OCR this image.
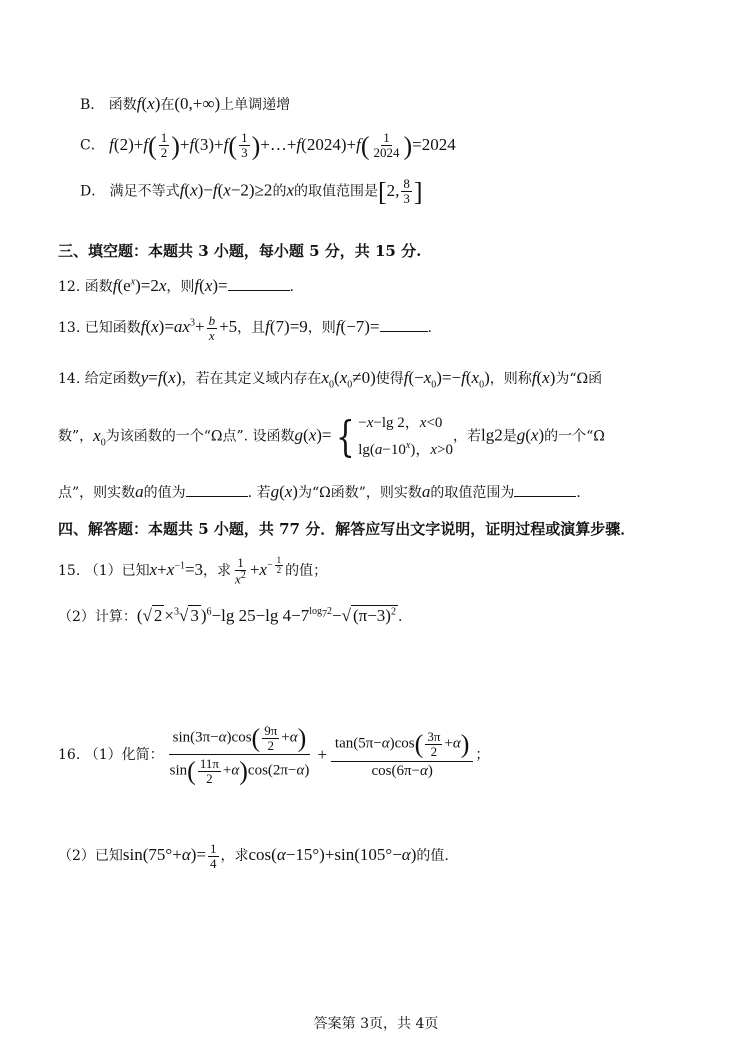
B． 函数f(x)在(0,+∞)上单调递增
C． $f(2)+f( \frac{1}{2} )+f(3)+f( \frac{1}{3}$ )+…+f(2024)+f( $\frac{1}{2024} )=2024$
D． 满足不等式f(x)−f(x−2)≥2的x的取值范围是[2, $\frac{8}{3}$ ]
三、填空题：本题共 3 小题，每小题 5 分，共 15 分.
12. 函数$f(e^x)=2x$，则f(x)=	.
13. 已知函数$f(x)=ax^3+ \frac{b}{x} +5$，且f(7)=9，则f(−7)=	.
14. 给定函数y=f(x)，若在其定义域内存在$x_0(x_0\ne 0)$使得$f(-x_0)=-f(x_0)$，则称f(x)为“Ω函
数”，$x_0$为该函数的一个“Ω点”. 设函数g(x)= { −x−lg 2，x<0
$\lg(a-10^x)$，x>0
，若lg2是g(x)的一个“Ω
点”，则实数a的值为	. 若g(x)为“Ω函数”，则实数a的取值范围为	.
四、解答题：本题共 5 小题，共 77 分．解答应写出文字说明，证明过程或演算步骤．
15. （1）已知$x+x^{-1}=3$，求 $\frac{1}{x^2} +x^{- \frac{1}{2}}$ 的值；
（2）计算：(√ 2 ×$^3$√ 3 )$^6$−lg 25−lg $4-7^{log_72}-√$ $(\pi-3)^2$ .
16. （1）化简： $\frac{\sin(3\pi-\alpha)\cos( \frac{9\pi}{2} +\alpha)}{\sin( \frac{11\pi}{2} +\alpha)\cos(2\pi-\alpha)} + \frac{\tan(5\pi-\alpha)\cos( \frac{3\pi}{2} +\alpha)}{\cos(6\pi-\alpha)}$ ；
（2）已知$\sin(75^\circ+\alpha)= \frac{1}{4}$ ，求cos(α−15°)+sin(105°−α)的值.
答案第 3页，共 4页
